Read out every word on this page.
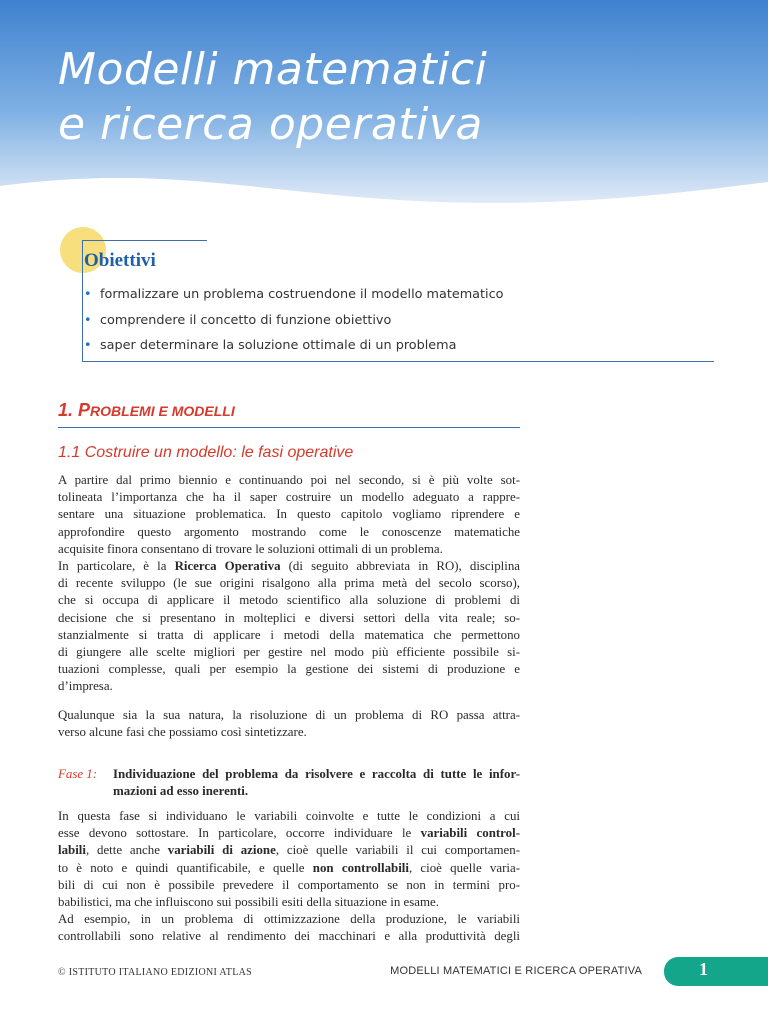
Modelli matematici
e ricerca operativa
Obiettivi
• formalizzare un problema costruendone il modello matematico
• comprendere il concetto di funzione obiettivo
• saper determinare la soluzione ottimale di un problema
1. PROBLEMI E MODELLI
1.1 Costruire un modello: le fasi operative
A partire dal primo biennio e continuando poi nel secondo, si è più volte sot-
tolineata l’importanza che ha il saper costruire un modello adeguato a rappre-
sentare una situazione problematica. In questo capitolo vogliamo riprendere e
approfondire questo argomento mostrando come le conoscenze matematiche
acquisite finora consentano di trovare le soluzioni ottimali di un problema.
In particolare, è la Ricerca Operativa (di seguito abbreviata in RO), disciplina
di recente sviluppo (le sue origini risalgono alla prima metà del secolo scorso),
che si occupa di applicare il metodo scientifico alla soluzione di problemi di
decisione che si presentano in molteplici e diversi settori della vita reale; so-
stanzialmente si tratta di applicare i metodi della matematica che permettono
di giungere alle scelte migliori per gestire nel modo più efficiente possibile si-
tuazioni complesse, quali per esempio la gestione dei sistemi di produzione e
d’impresa.
Qualunque sia la sua natura, la risoluzione di un problema di RO passa attra-
verso alcune fasi che possiamo così sintetizzare.
Fase 1: Individuazione del problema da risolvere e raccolta di tutte le infor-
mazioni ad esso inerenti.
In questa fase si individuano le variabili coinvolte e tutte le condizioni a cui
esse devono sottostare. In particolare, occorre individuare le variabili control-
labili, dette anche variabili di azione, cioè quelle variabili il cui comportamen-
to è noto e quindi quantificabile, e quelle non controllabili, cioè quelle varia-
bili di cui non è possibile prevedere il comportamento se non in termini pro-
babilistici, ma che influiscono sui possibili esiti della situazione in esame.
Ad esempio, in un problema di ottimizzazione della produzione, le variabili
controllabili sono relative al rendimento dei macchinari e alla produttività degli
© ISTITUTO ITALIANO EDIZIONI ATLAS	MODELLI MATEMATICI E RICERCA OPERATIVA	1
